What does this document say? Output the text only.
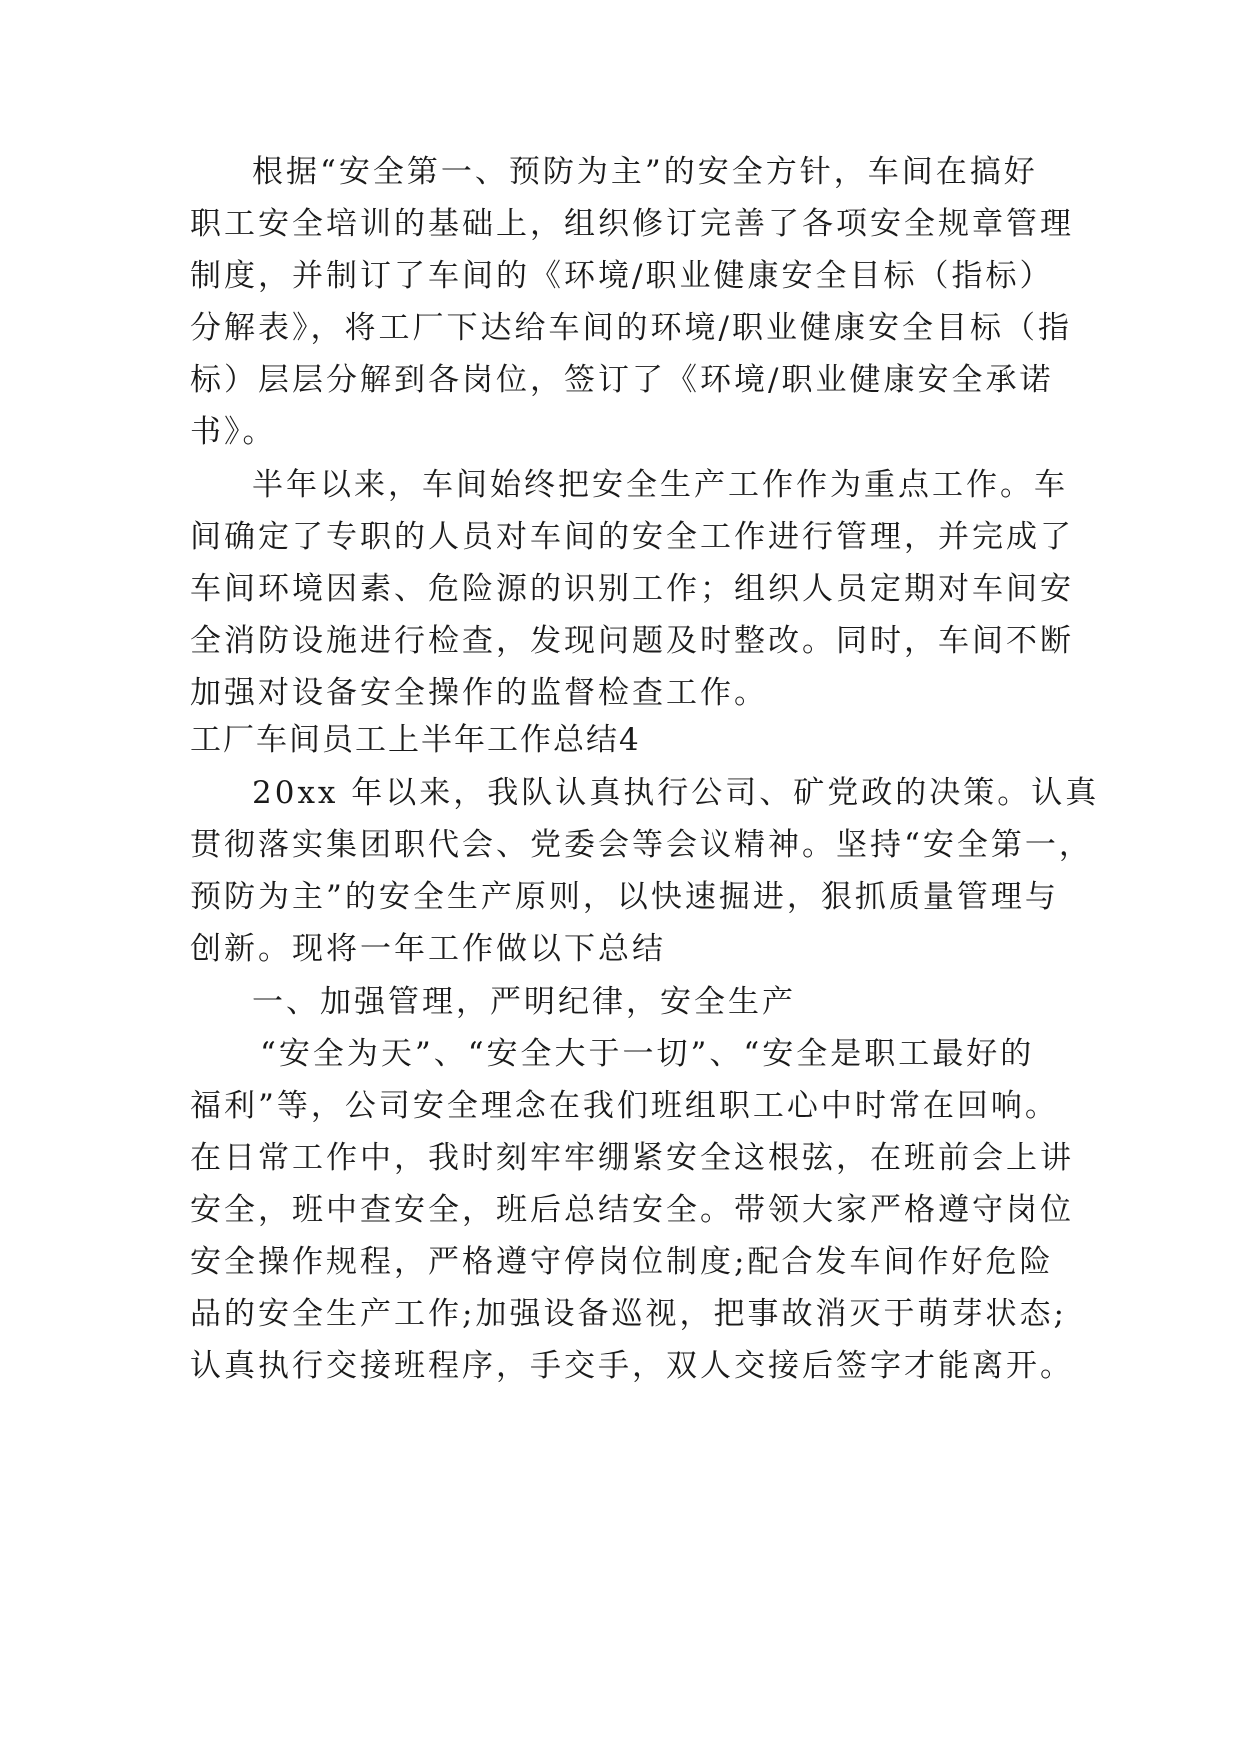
根据“安全第一、预防为主”的安全方针，车间在搞好
职工安全培训的基础上，组织修订完善了各项安全规章管理
制度，并制订了车间的《环境/职业健康安全目标（指标）
分解表》，将工厂下达给车间的环境/职业健康安全目标（指
标）层层分解到各岗位，签订了《环境/职业健康安全承诺
书》。
半年以来，车间始终把安全生产工作作为重点工作。车
间确定了专职的人员对车间的安全工作进行管理，并完成了
车间环境因素、危险源的识别工作；组织人员定期对车间安
全消防设施进行检查，发现问题及时整改。同时，车间不断
加强对设备安全操作的监督检查工作。
工厂车间员工上半年工作总结4
20xx 年以来，我队认真执行公司、矿党政的决策。认真
贯彻落实集团职代会、党委会等会议精神。坚持“安全第一，
预防为主”的安全生产原则，以快速掘进，狠抓质量管理与
创新。现将一年工作做以下总结
一、加强管理，严明纪律，安全生产
“安全为天”、“安全大于一切”、“安全是职工最好的
福利”等，公司安全理念在我们班组职工心中时常在回响。
在日常工作中，我时刻牢牢绷紧安全这根弦，在班前会上讲
安全，班中查安全，班后总结安全。带领大家严格遵守岗位
安全操作规程，严格遵守停岗位制度;配合发车间作好危险
品的安全生产工作;加强设备巡视，把事故消灭于萌芽状态;
认真执行交接班程序，手交手，双人交接后签字才能离开。
